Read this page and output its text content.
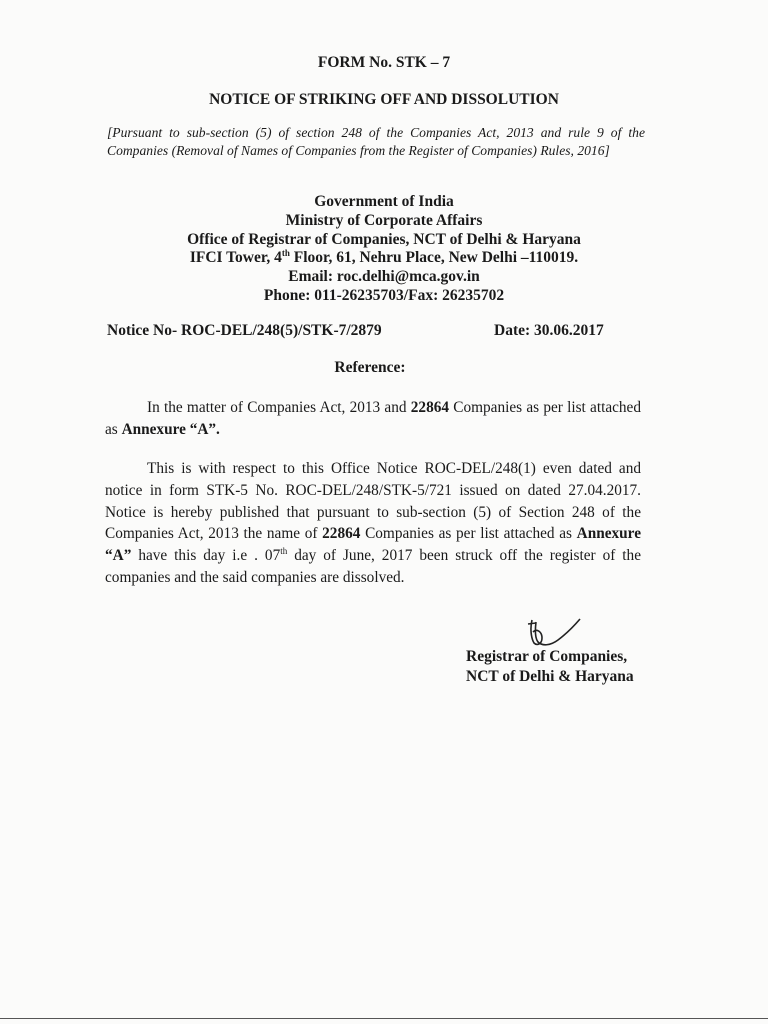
FORM No. STK – 7
NOTICE OF STRIKING OFF AND DISSOLUTION
[Pursuant to sub-section (5) of section 248 of the Companies Act, 2013 and rule 9 of the Companies (Removal of Names of Companies from the Register of Companies) Rules, 2016]
Government of India
Ministry of Corporate Affairs
Office of Registrar of Companies, NCT of Delhi & Haryana
IFCI Tower, 4th Floor, 61, Nehru Place, New Delhi –110019.
Email: roc.delhi@mca.gov.in
Phone: 011-26235703/Fax: 26235702
Notice No- ROC-DEL/248(5)/STK-7/2879	Date: 30.06.2017
Reference:
In the matter of Companies Act, 2013 and 22864 Companies as per list attached as Annexure “A”.
This is with respect to this Office Notice ROC-DEL/248(1) even dated and notice in form STK-5 No. ROC-DEL/248/STK-5/721 issued on dated 27.04.2017. Notice is hereby published that pursuant to sub-section (5) of Section 248 of the Companies Act, 2013 the name of 22864 Companies as per list attached as Annexure “A” have this day i.e . 07th day of June, 2017 been struck off the register of the companies and the said companies are dissolved.
Registrar of Companies,
NCT of Delhi & Haryana
